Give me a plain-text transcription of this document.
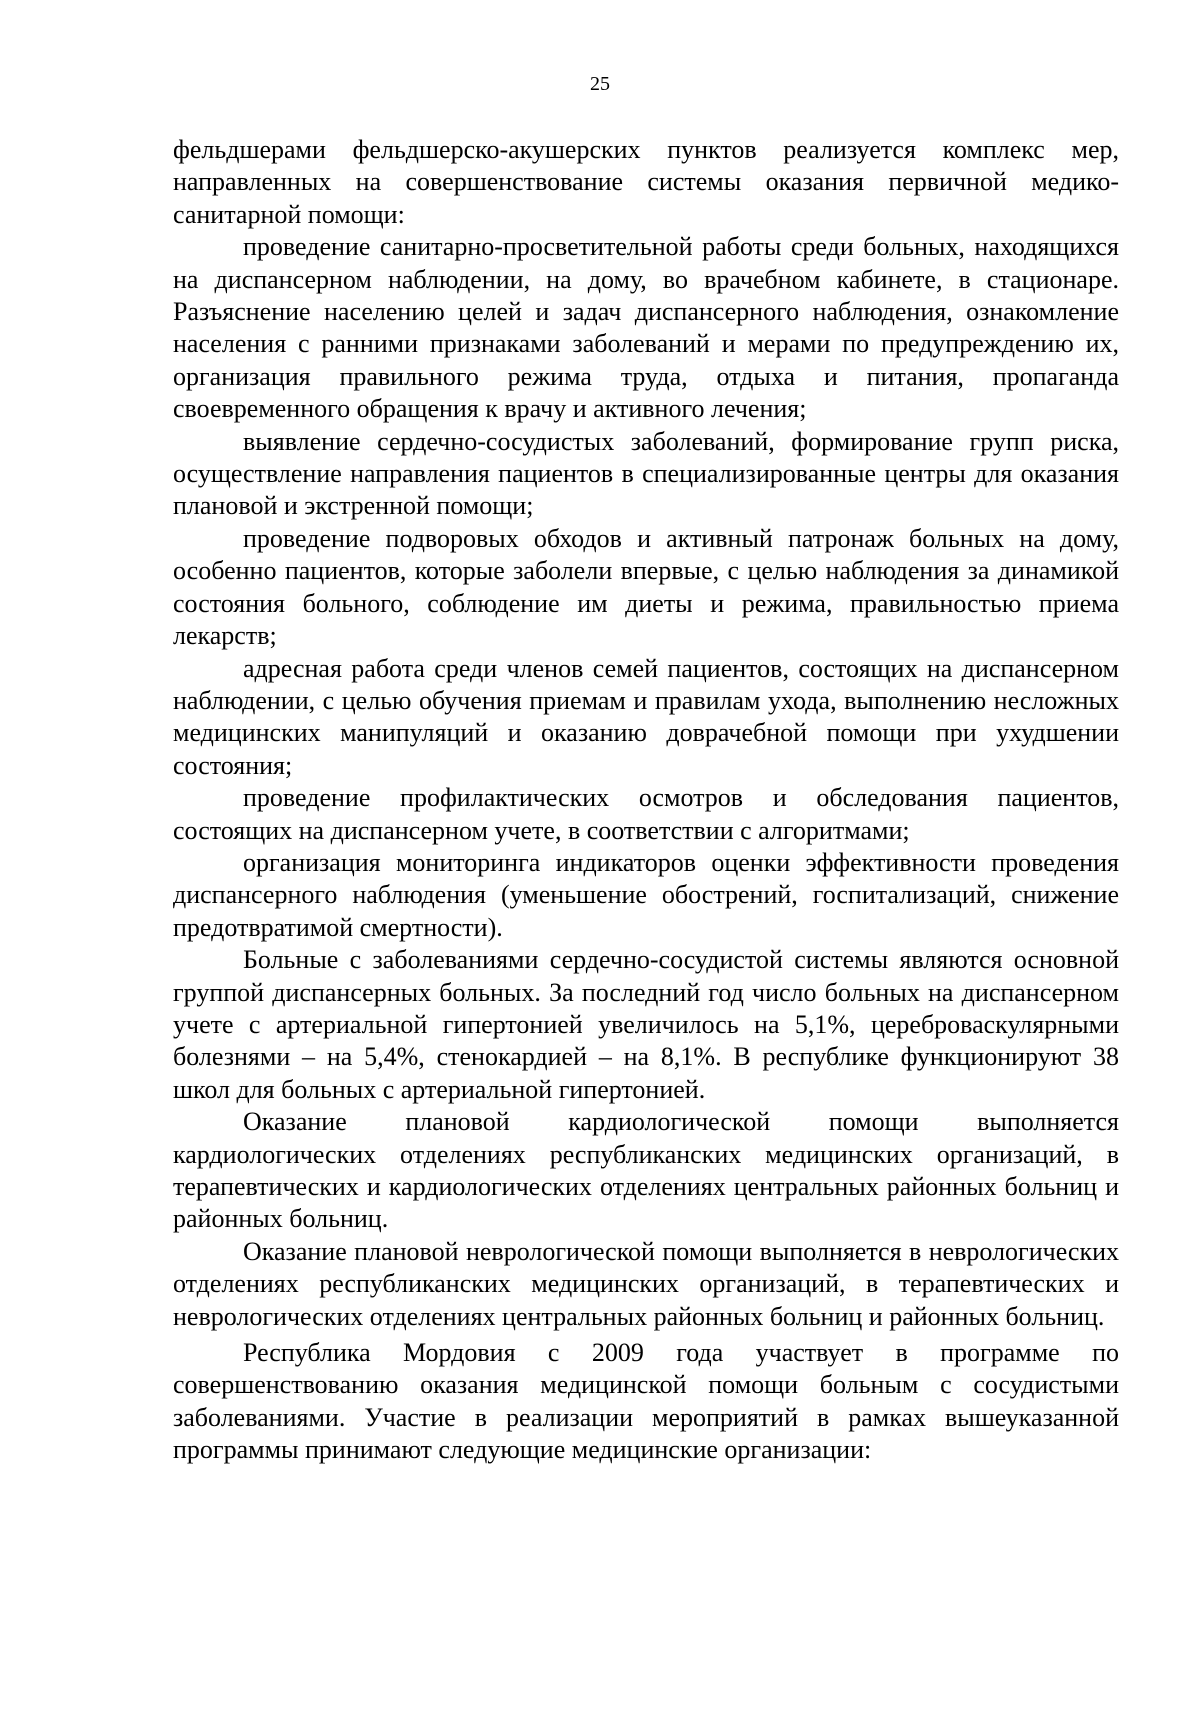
25

фельдшерами фельдшерско-акушерских пунктов реализуется комплекс мер, направленных на совершенствование системы оказания первичной медико-санитарной помощи:

проведение санитарно-просветительной работы среди больных, находящихся на диспансерном наблюдении, на дому, во врачебном кабинете, в стационаре. Разъяснение населению целей и задач диспансерного наблюдения, ознакомление населения с ранними признаками заболеваний и мерами по предупреждению их, организация правильного режима труда, отдыха и питания, пропаганда своевременного обращения к врачу и активного лечения;

выявление сердечно-сосудистых заболеваний, формирование групп риска, осуществление направления пациентов в специализированные центры для оказания плановой и экстренной помощи;

проведение подворовых обходов и активный патронаж больных на дому, особенно пациентов, которые заболели впервые, с целью наблюдения за динамикой состояния больного, соблюдение им диеты и режима, правильностью приема лекарств;

адресная работа среди членов семей пациентов, состоящих на диспансерном наблюдении, с целью обучения приемам и правилам ухода, выполнению несложных медицинских манипуляций и оказанию доврачебной помощи при ухудшении состояния;

проведение профилактических осмотров и обследования пациентов, состоящих на диспансерном учете, в соответствии с алгоритмами;

организация мониторинга индикаторов оценки эффективности проведения диспансерного наблюдения (уменьшение обострений, госпитализаций, снижение предотвратимой смертности).

Больные с заболеваниями сердечно-сосудистой системы являются основной группой диспансерных больных. За последний год число больных на диспансерном учете с артериальной гипертонией увеличилось на 5,1%, цереброваскулярными болезнями – на 5,4%, стенокардией – на 8,1%. В республике функционируют 38 школ для больных с артериальной гипертонией.

Оказание плановой кардиологической помощи выполняется кардиологических отделениях республиканских медицинских организаций, в терапевтических и кардиологических отделениях центральных районных больниц и районных больниц.

Оказание плановой неврологической помощи выполняется в неврологических отделениях республиканских медицинских организаций, в терапевтических и неврологических отделениях центральных районных больниц и районных больниц.

Республика Мордовия с 2009 года участвует в программе по совершенствованию оказания медицинской помощи больным с сосудистыми заболеваниями. Участие в реализации мероприятий в рамках вышеуказанной программы принимают следующие медицинские организации:
